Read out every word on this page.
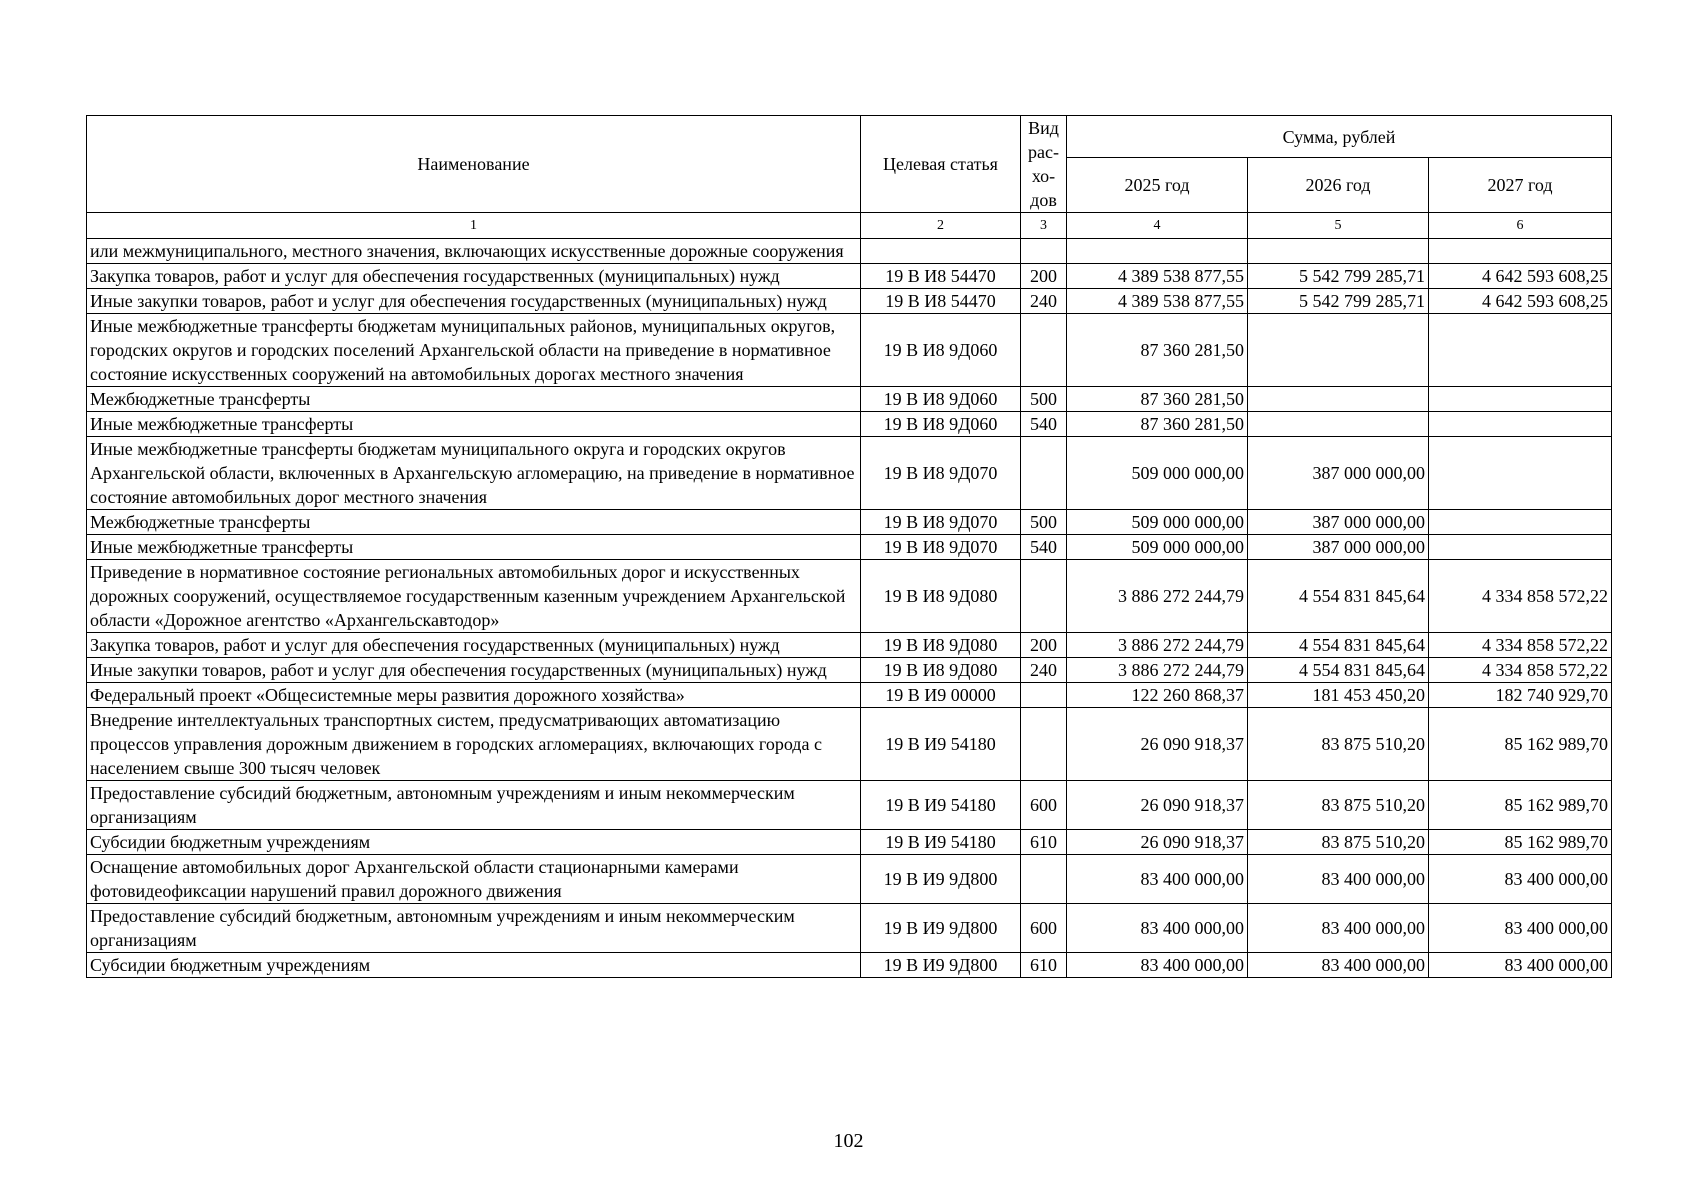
Наименование	Целевая статья	Вид
рас-
хо-
дов	Сумма, рублей		
			2025 год	2026 год	2027 год
1	2	3	4	5	6
или межмуниципального, местного значения, включающих искусственные дорожные сооружения					
Закупка товаров, работ и услуг для обеспечения государственных (муниципальных) нужд	19 В И8 54470	200	4 389 538 877,55	5 542 799 285,71	4 642 593 608,25
Иные закупки товаров, работ и услуг для обеспечения государственных (муниципальных) нужд	19 В И8 54470	240	4 389 538 877,55	5 542 799 285,71	4 642 593 608,25
Иные межбюджетные трансферты бюджетам муниципальных районов, муниципальных округов, городских округов и городских поселений Архангельской области на приведение в нормативное состояние искусственных сооружений на автомобильных дорогах местного значения	19 В И8 9Д060		87 360 281,50		
Межбюджетные трансферты	19 В И8 9Д060	500	87 360 281,50		
Иные межбюджетные трансферты	19 В И8 9Д060	540	87 360 281,50		
Иные межбюджетные трансферты бюджетам муниципального округа и городских округов Архангельской области, включенных в Архангельскую агломерацию, на приведение в нормативное состояние автомобильных дорог местного значения	19 В И8 9Д070		509 000 000,00	387 000 000,00	
Межбюджетные трансферты	19 В И8 9Д070	500	509 000 000,00	387 000 000,00	
Иные межбюджетные трансферты	19 В И8 9Д070	540	509 000 000,00	387 000 000,00	
Приведение в нормативное состояние региональных автомобильных дорог и искусственных дорожных сооружений, осуществляемое государственным казенным учреждением Архангельской области «Дорожное агентство «Архангельскавтодор»	19 В И8 9Д080		3 886 272 244,79	4 554 831 845,64	4 334 858 572,22
Закупка товаров, работ и услуг для обеспечения государственных (муниципальных) нужд	19 В И8 9Д080	200	3 886 272 244,79	4 554 831 845,64	4 334 858 572,22
Иные закупки товаров, работ и услуг для обеспечения государственных (муниципальных) нужд	19 В И8 9Д080	240	3 886 272 244,79	4 554 831 845,64	4 334 858 572,22
Федеральный проект «Общесистемные меры развития дорожного хозяйства»	19 В И9 00000		122 260 868,37	181 453 450,20	182 740 929,70
Внедрение интеллектуальных транспортных систем, предусматривающих автоматизацию процессов управления дорожным движением в городских агломерациях, включающих города с населением свыше 300 тысяч человек	19 В И9 54180		26 090 918,37	83 875 510,20	85 162 989,70
Предоставление субсидий бюджетным, автономным учреждениям и иным некоммерческим организациям	19 В И9 54180	600	26 090 918,37	83 875 510,20	85 162 989,70
Субсидии бюджетным учреждениям	19 В И9 54180	610	26 090 918,37	83 875 510,20	85 162 989,70
Оснащение автомобильных дорог Архангельской области стационарными камерами фотовидеофиксации нарушений правил дорожного движения	19 В И9 9Д800		83 400 000,00	83 400 000,00	83 400 000,00
Предоставление субсидий бюджетным, автономным учреждениям и иным некоммерческим организациям	19 В И9 9Д800	600	83 400 000,00	83 400 000,00	83 400 000,00
Субсидии бюджетным учреждениям	19 В И9 9Д800	610	83 400 000,00	83 400 000,00	83 400 000,00
102
